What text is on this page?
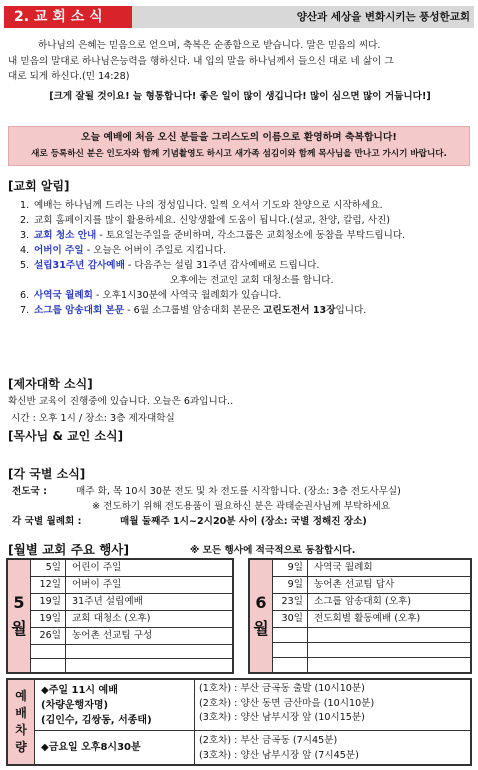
2. 교 회 소 식	양산과 세상을 변화시키는 풍성한교회

하나님의 은혜는 믿음으로 얻으며, 축복은 순종함으로 받습니다. 말은 믿음의 씨다.

내 믿음의 말대로 하나님은능력을 행하신다. 내 입의 말을 하나님께서 들으신 대로 네 삶이 그

대로 되게 하신다.(민 14:28)

[크게 잘될 것이요! 늘 형통합니다! 좋은 일이 많이 생깁니다! 많이 심으면 많이 거둡니다!]

오늘 예배에 처음 오신 분들을 그리스도의 이름으로 환영하며 축복합니다!
새로 등록하신 분은 인도자와 함께 기념촬영도 하시고 새가족 섬김이와 함께 목사님을 만나고 가시기 바랍니다.
[교회 알림]
1. 예배는 하나님께 드리는 나의 정성입니다. 일찍 오셔서 기도와 찬양으로 시작하세요.
2. 교회 홈페이지를 많이 활용하세요. 신앙생활에 도움이 됩니다.(설교, 찬양, 칼럼, 사진)
3. 교회 청소 안내 - 토요일는주일을 준비하며, 각소그룹은 교회청소에 동참을 부탁드립니다.
4. 어버이 주일 - 오늘은 어버이 주일로 지킵니다.
5. 설립31주년 감사예배 - 다음주는 설립 31주년 감사예배로 드립니다.
오후에는 전교인 교회 대청소를 합니다.
6. 사역국 월례회 - 오후1시30분에 사역국 월례회가 있습니다.
7. 소그룹 암송대회 본문 - 6월 소그룹별 암송대회 본문은 고린도전서 13장 입니다.
[제자대학 소식]
확신반 교육이 진행중에 있습니다. 오늘은 6과입니다..
시간 : 오후 1시 / 장소: 3층 제자대학실
[목사님 & 교인 소식]
[각 국별 소식]
전도국 :	매주 화, 목 10시 30분 전도 및 차 전도를 시작합니다. (장소: 3층 전도사무실)
※ 전도하기 위해 전도용품이 필요하신 분은 곽태순권사님께 부탁하세요
각 국별 월례회 :	매월 둘째주 1시~2시20분 사이 (장소: 국별 정해진 장소)
[월별 교회 주요 행사]	※ 모든 행사에 적극적으로 동참합시다.
5
월
5일	어린이 주일
12일	어버이 주일
19일	31주년 설립예배
19일	교회 대청소 (오후)
26일	농어촌 선교팀 구성
6
월
9일	사역국 월례회
9일	농어촌 선교팀 답사
23일	소그룹 암송대회 (오후)
30일	전도회별 활동예배 (오후)
예
배
차
량
◆주일 11시 예배
(차량운행자명)
(김인수, 김쌍동, 서종태)
(1호차) : 부산 금곡동 출발 (10시10분)
(2호차) : 양산 동면 금산마을 (10시10분)
(3호차) : 양산 남부시장 앞 (10시15분)
◆금요일 오후8시30분
(2호차) : 부산 금곡동 (7시45분)
(3호차) : 양산 남부시장 앞 (7시45분)
